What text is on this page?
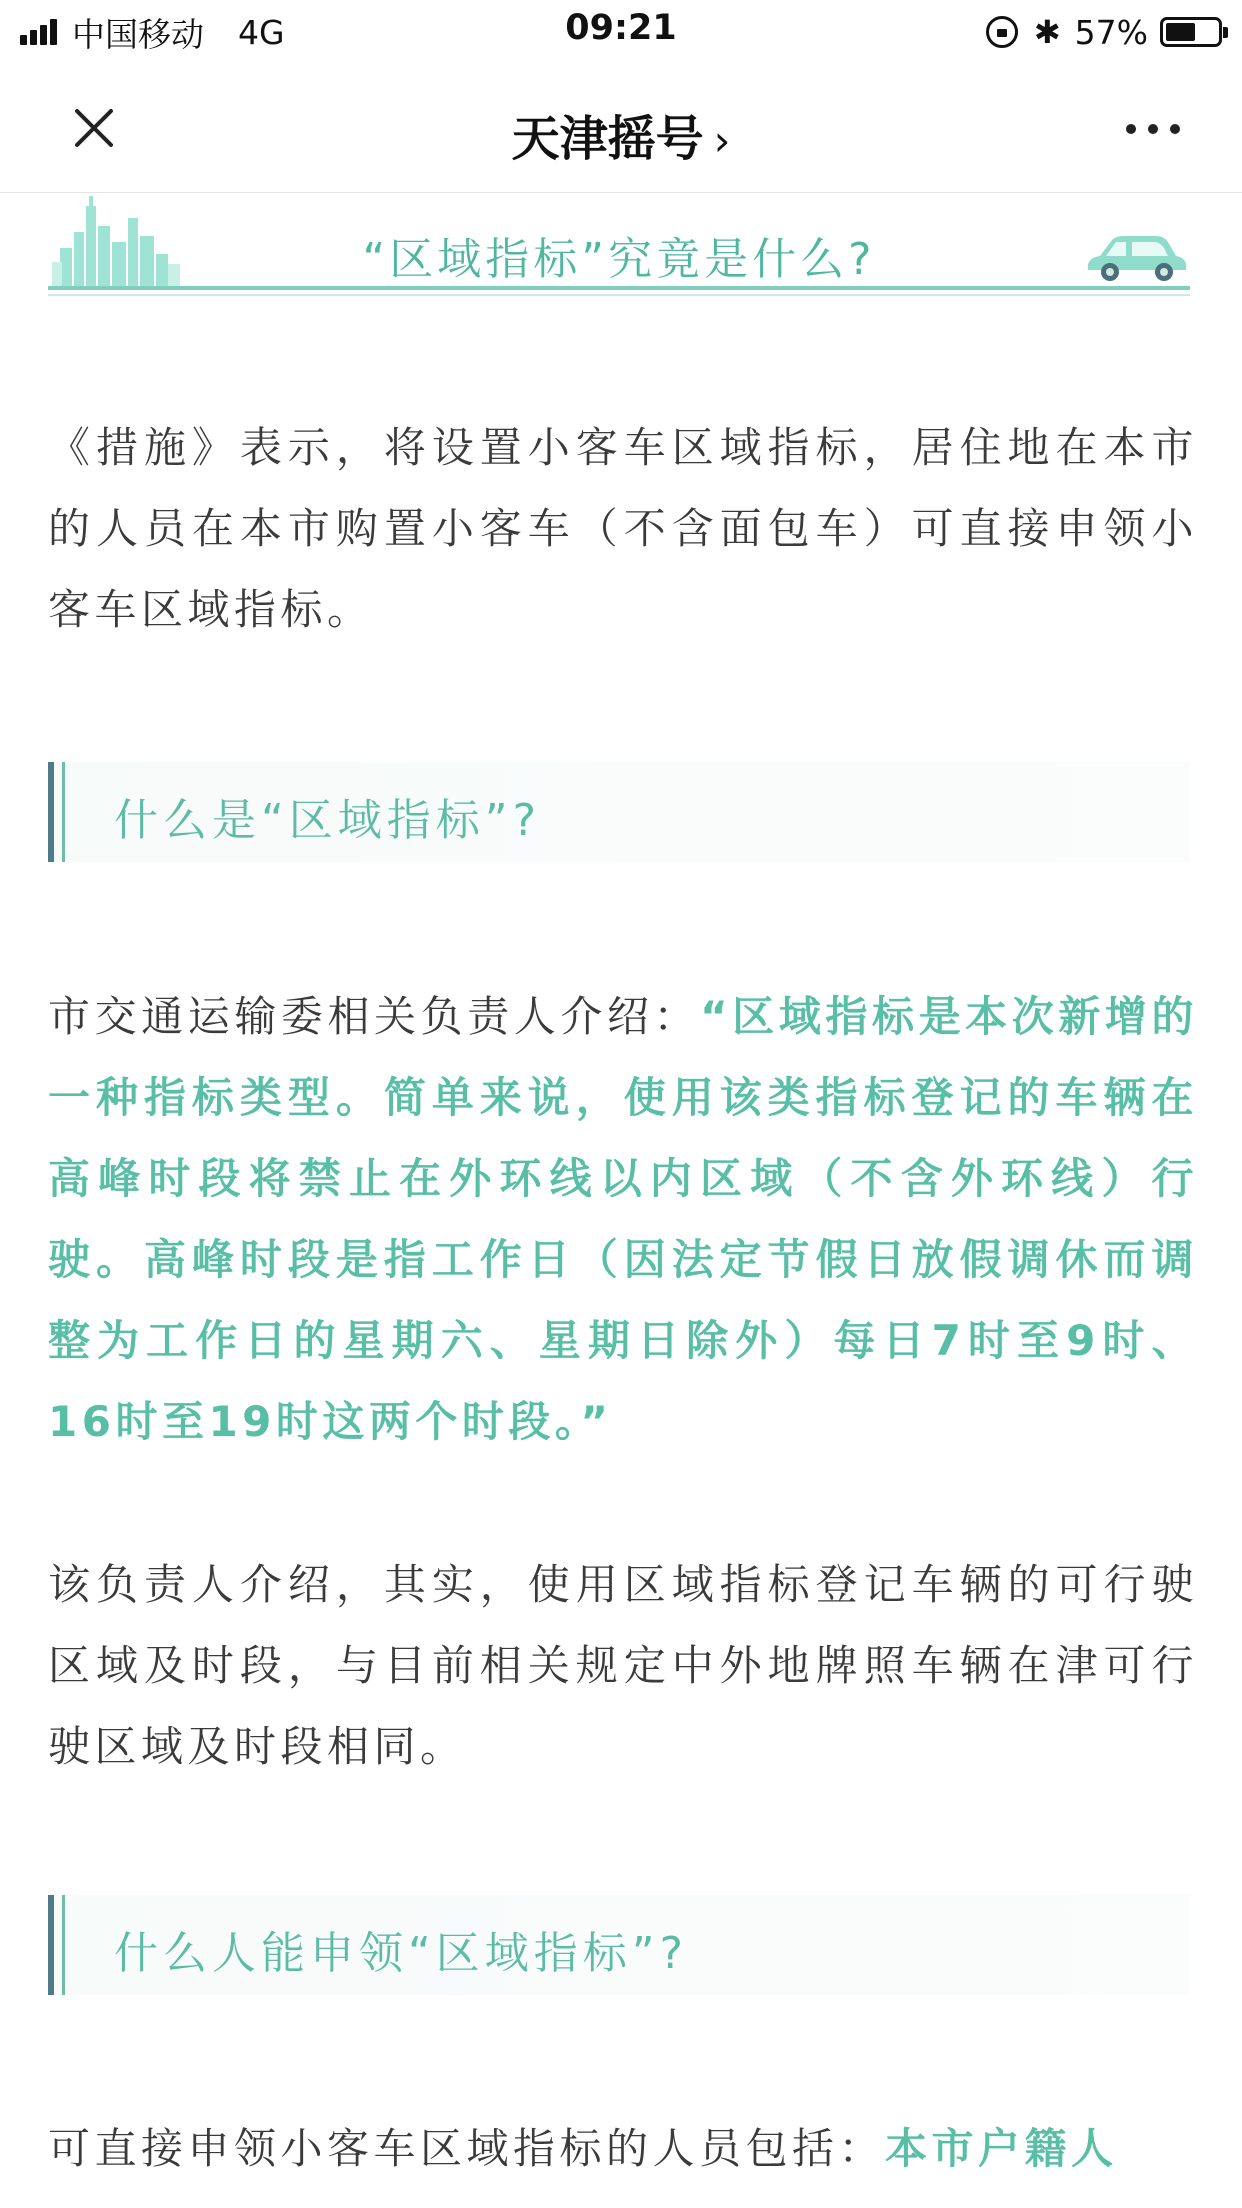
中国移动 4G	09:21	✱ 57%
天津摇号 ›
“区域指标”究竟是什么?
《措施》表示，将设置小客车区域指标，居住地在本市的人员在本市购置小客车（不含面包车）可直接申领小客车区域指标。
什么是“区域指标”?
市交通运输委相关负责人介绍：“区域指标是本次新增的一种指标类型。简单来说，使用该类指标登记的车辆在高峰时段将禁止在外环线以内区域（不含外环线）行驶。高峰时段是指工作日（因法定节假日放假调休而调整为工作日的星期六、星期日除外）每日7时至9时、16时至19时这两个时段。”
该负责人介绍，其实，使用区域指标登记车辆的可行驶区域及时段，与目前相关规定中外地牌照车辆在津可行驶区域及时段相同。
什么人能申领“区域指标”?
可直接申领小客车区域指标的人员包括：本市户籍人
